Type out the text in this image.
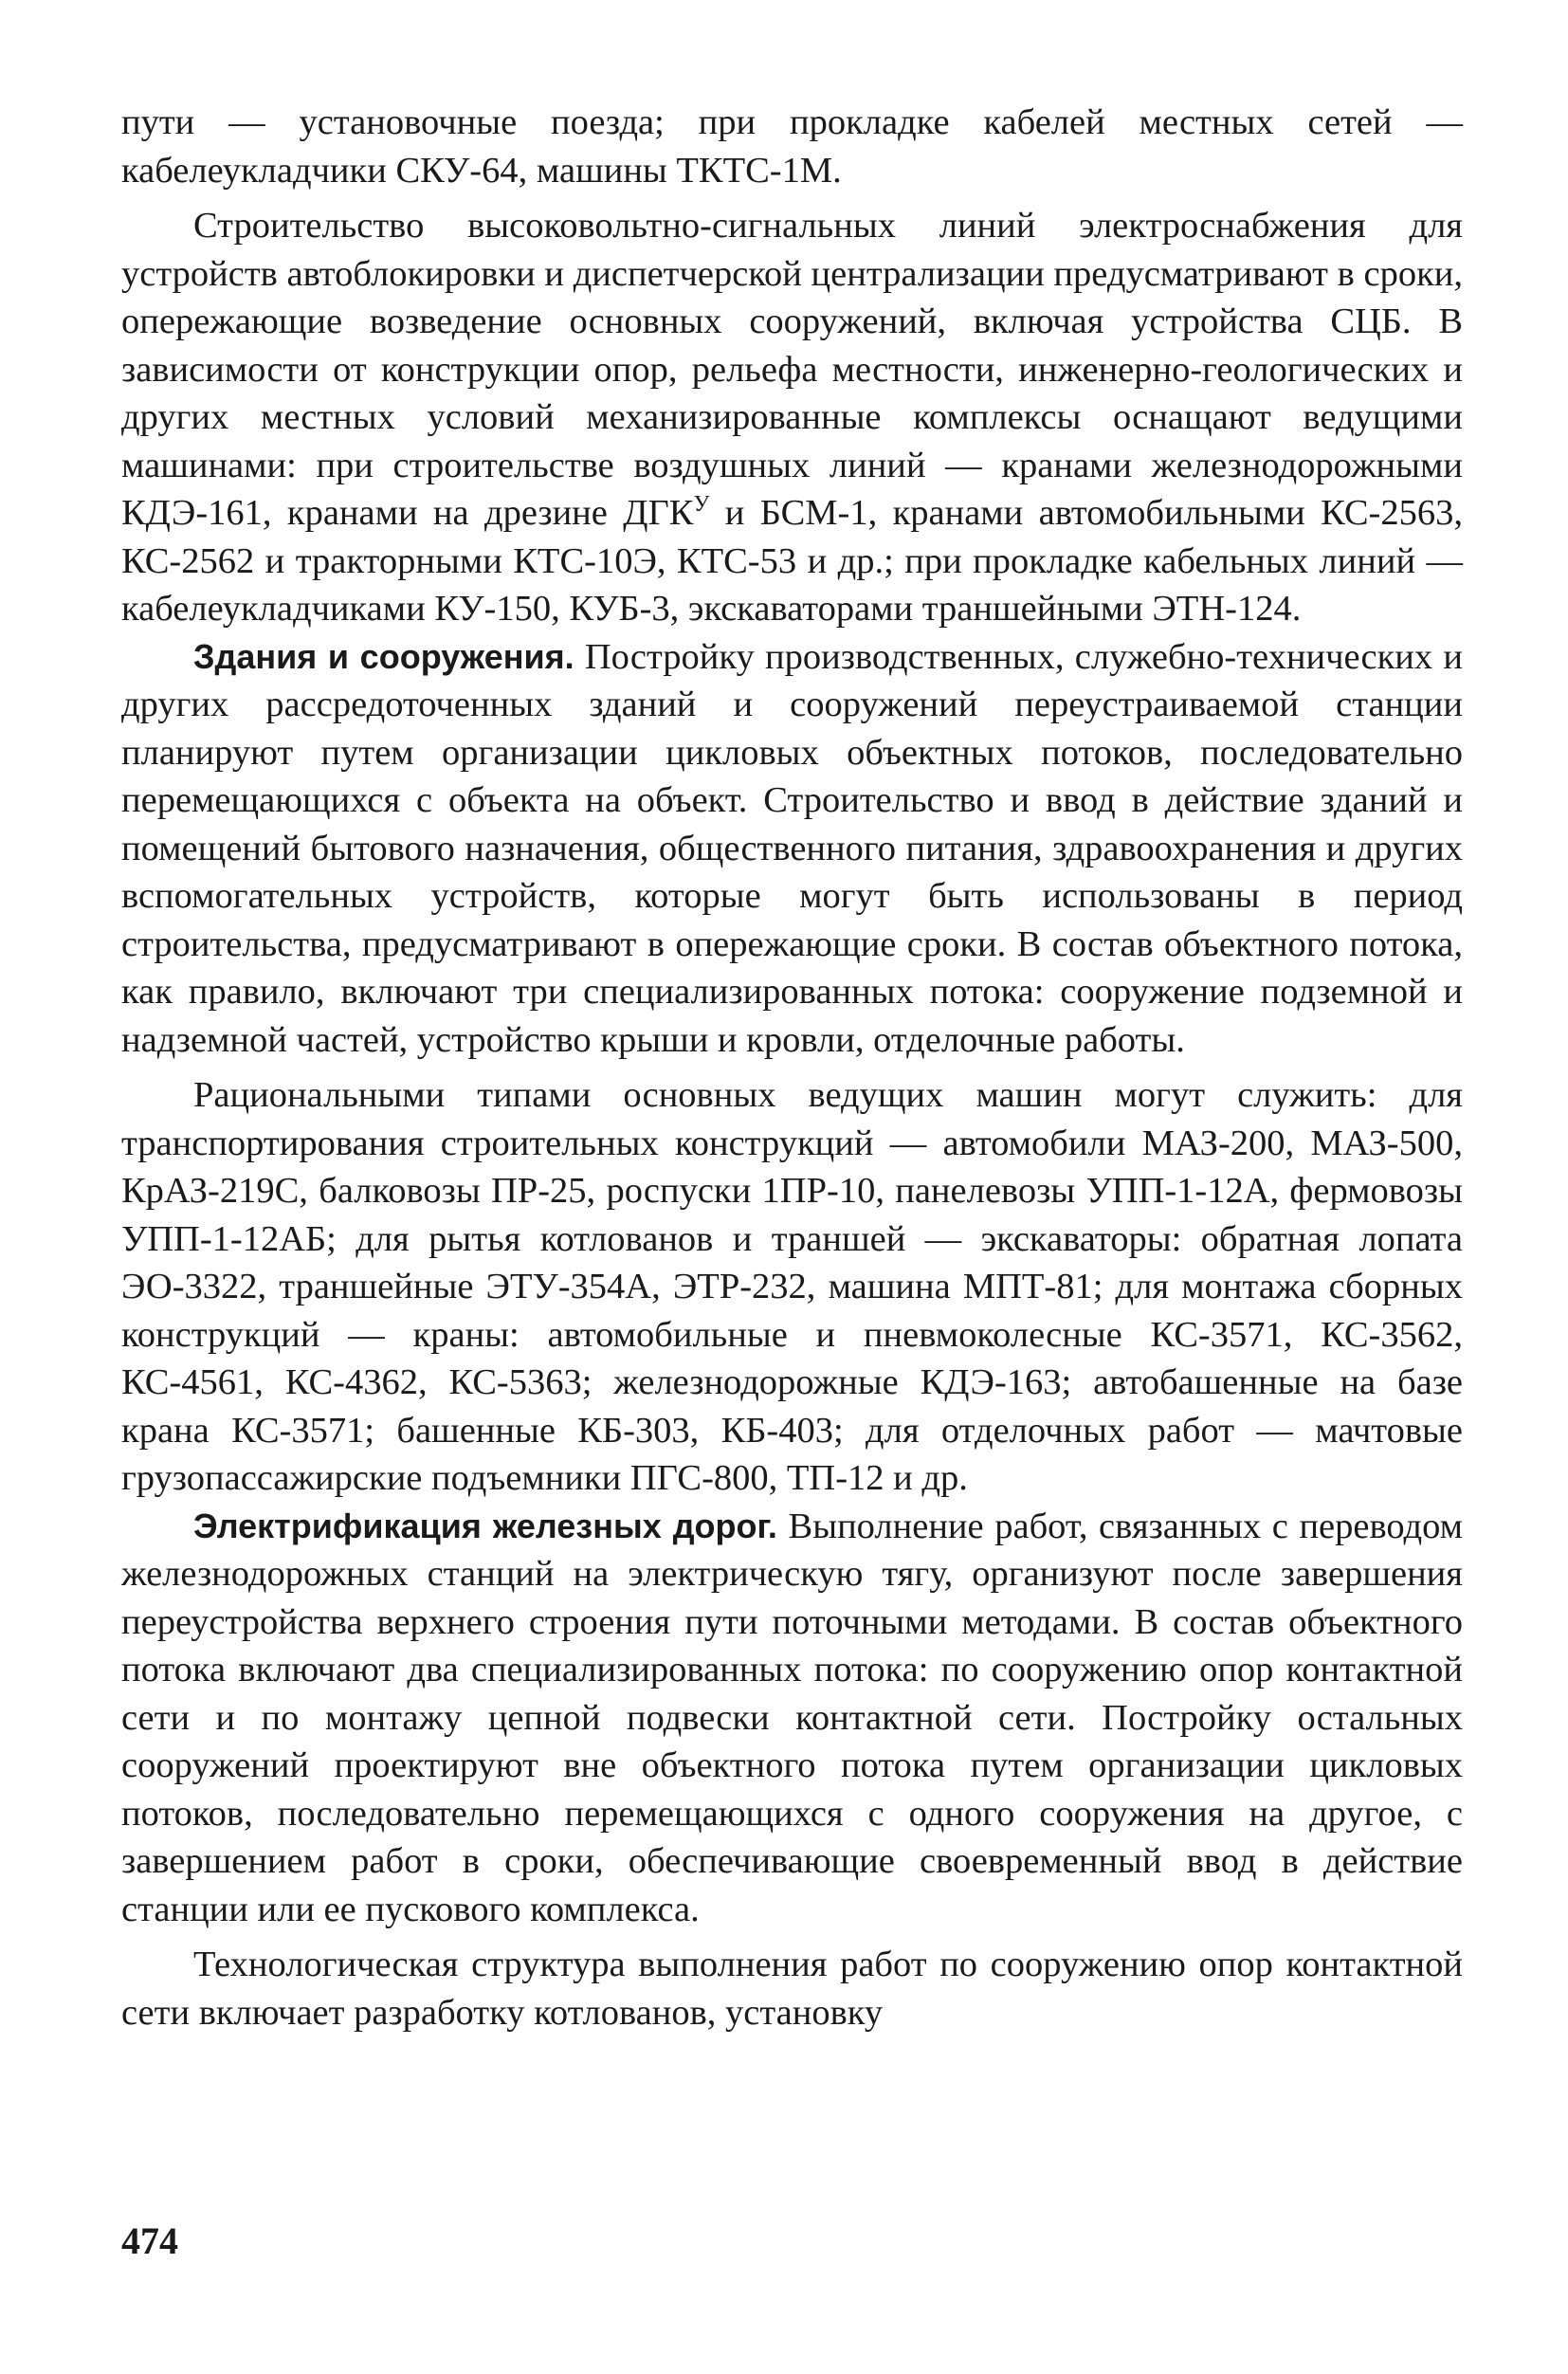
пути — установочные поезда; при прокладке кабелей местных сетей — кабелеукладчики СКУ-64, машины ТКТС-1М.

Строительство высоковольтно-сигнальных линий электроснабжения для устройств автоблокировки и диспетчерской централизации предусматривают в сроки, опережающие возведение основных сооружений, включая устройства СЦБ. В зависимости от конструкции опор, рельефа местности, инженерно-геологических и других местных условий механизированные комплексы оснащают ведущими машинами: при строительстве воздушных линий — кранами железнодорожными КДЭ-161, кранами на дрезине $ДГК^У$ и БСМ-1, кранами автомобильными КС-2563, КС-2562 и тракторными КТС-10Э, КТС-53 и др.; при прокладке кабельных линий — кабелеукладчиками КУ-150, КУБ-3, экскаваторами траншейными ЭТН-124.

Здания и сооружения. Постройку производственных, служебно-технических и других рассредоточенных зданий и сооружений переустраиваемой станции планируют путем организации цикловых объектных потоков, последовательно перемещающихся с объекта на объект. Строительство и ввод в действие зданий и помещений бытового назначения, общественного питания, здравоохранения и других вспомогательных устройств, которые могут быть использованы в период строительства, предусматривают в опережающие сроки. В состав объектного потока, как правило, включают три специализированных потока: сооружение подземной и надземной частей, устройство крыши и кровли, отделочные работы.

Рациональными типами основных ведущих машин могут служить: для транспортирования строительных конструкций — автомобили МАЗ-200, МАЗ-500, КрАЗ-219С, балковозы ПР-25, роспуски 1ПР-10, панелевозы УПП-1-12А, фермовозы УПП-1-12АБ; для рытья котлованов и траншей — экскаваторы: обратная лопата ЭО-3322, траншейные ЭТУ-354А, ЭТР-232, машина МПТ-81; для монтажа сборных конструкций — краны: автомобильные и пневмоколесные КС-3571, КС-3562, КС-4561, КС-4362, КС-5363; железнодорожные КДЭ-163; автобашенные на базе крана КС-3571; башенные КБ-303, КБ-403; для отделочных работ — мачтовые грузопассажирские подъемники ПГС-800, ТП-12 и др.

Электрификация железных дорог. Выполнение работ, связанных с переводом железнодорожных станций на электрическую тягу, организуют после завершения переустройства верхнего строения пути поточными методами. В состав объектного потока включают два специализированных потока: по сооружению опор контактной сети и по монтажу цепной подвески контактной сети. Постройку остальных сооружений проектируют вне объектного потока путем организации цикловых потоков, последовательно перемещающихся с одного сооружения на другое, с завершением работ в сроки, обеспечивающие своевременный ввод в действие станции или ее пускового комплекса.

Технологическая структура выполнения работ по сооружению опор контактной сети включает разработку котлованов, установку

474
